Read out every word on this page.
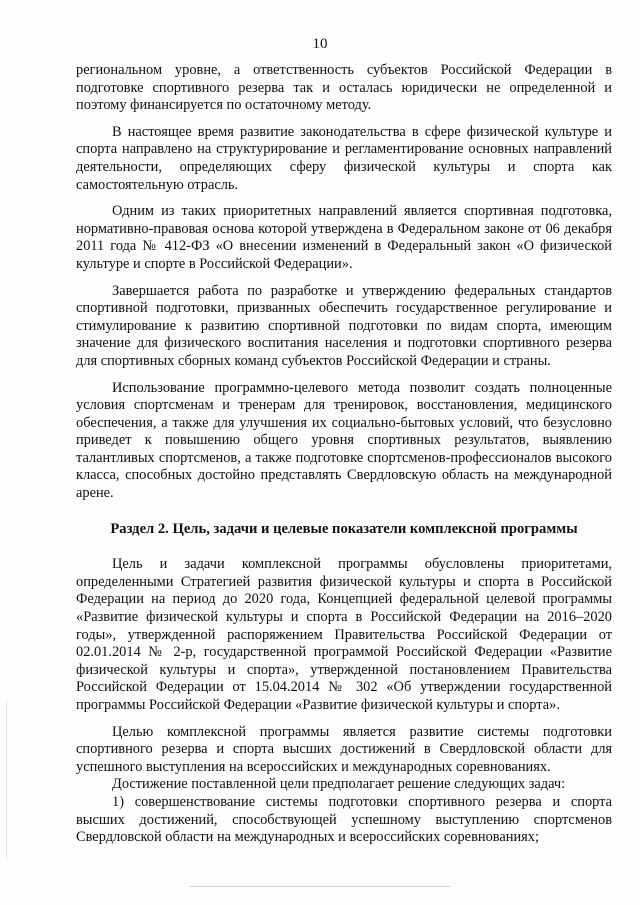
10

региональном уровне, а ответственность субъектов Российской Федерации в подготовке спортивного резерва так и осталась юридически не определенной и поэтому финансируется по остаточному методу.

В настоящее время развитие законодательства в сфере физической культуре и спорта направлено на структурирование и регламентирование основных направлений деятельности, определяющих сферу физической культуры и спорта как самостоятельную отрасль.

Одним из таких приоритетных направлений является спортивная подготовка, нормативно-правовая основа которой утверждена в Федеральном законе от 06 декабря 2011 года № 412-ФЗ «О внесении изменений в Федеральный закон «О физической культуре и спорте в Российской Федерации».

Завершается работа по разработке и утверждению федеральных стандартов спортивной подготовки, призванных обеспечить государственное регулирование и стимулирование к развитию спортивной подготовки по видам спорта, имеющим значение для физического воспитания населения и подготовки спортивного резерва для спортивных сборных команд субъектов Российской Федерации и страны.

Использование программно-целевого метода позволит создать полноценные условия спортсменам и тренерам для тренировок, восстановления, медицинского обеспечения, а также для улучшения их социально-бытовых условий, что безусловно приведет к повышению общего уровня спортивных результатов, выявлению талантливых спортсменов, а также подготовке спортсменов-профессионалов высокого класса, способных достойно представлять Свердловскую область на международной арене.

Раздел 2. Цель, задачи и целевые показатели комплексной программы

Цель и задачи комплексной программы обусловлены приоритетами, определенными Стратегией развития физической культуры и спорта в Российской Федерации на период до 2020 года, Концепцией федеральной целевой программы «Развитие физической культуры и спорта в Российской Федерации на 2016–2020 годы», утвержденной распоряжением Правительства Российской Федерации от 02.01.2014 № 2-р, государственной программой Российской Федерации «Развитие физической культуры и спорта», утвержденной постановлением Правительства Российской Федерации от 15.04.2014 № 302 «Об утверждении государственной программы Российской Федерации «Развитие физической культуры и спорта».

Целью комплексной программы является развитие системы подготовки спортивного резерва и спорта высших достижений в Свердловской области для успешного выступления на всероссийских и международных соревнованиях.

Достижение поставленной цели предполагает решение следующих задач:

1) совершенствование системы подготовки спортивного резерва и спорта высших достижений, способствующей успешному выступлению спортсменов Свердловской области на международных и всероссийских соревнованиях;
